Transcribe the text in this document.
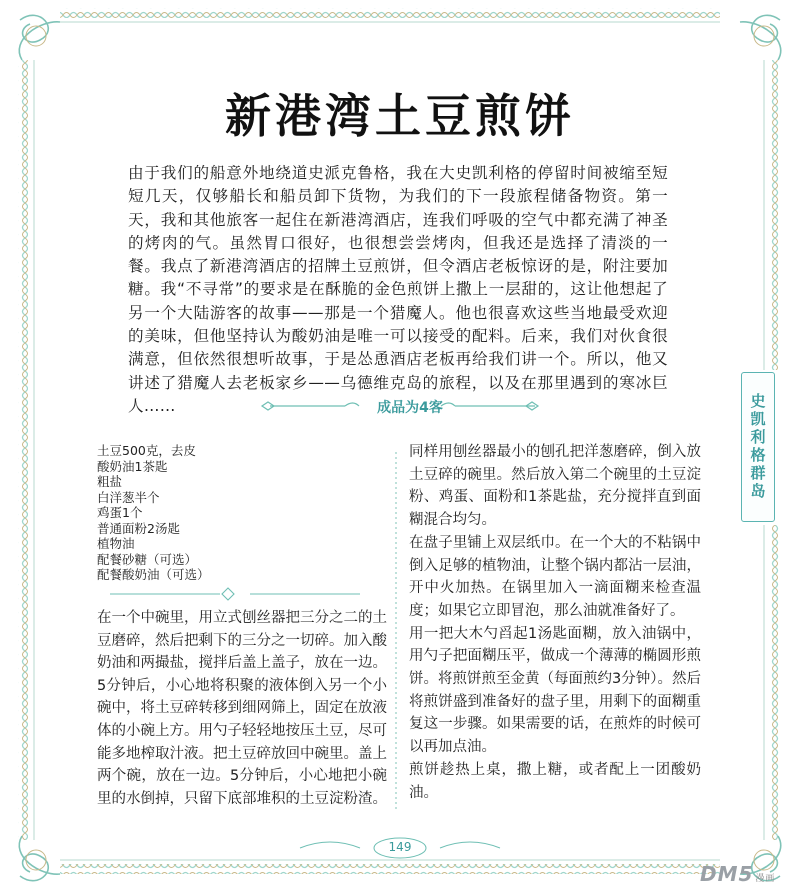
新港湾土豆煎饼
由于我们的船意外地绕道史派克鲁格，我在大史凯利格的停留时间被缩至短短几天，仅够船长和船员卸下货物，为我们的下一段旅程储备物资。第一天，我和其他旅客一起住在新港湾酒店，连我们呼吸的空气中都充满了神圣的烤肉的气。虽然胃口很好，也很想尝尝烤肉，但我还是选择了清淡的一餐。我点了新港湾酒店的招牌土豆煎饼，但令酒店老板惊讶的是，附注要加糖。我“不寻常”的要求是在酥脆的金色煎饼上撒上一层甜的，这让他想起了另一个大陆游客的故事——那是一个猎魔人。他也很喜欢这些当地最受欢迎的美味，但他坚持认为酸奶油是唯一可以接受的配料。后来，我们对伙食很满意，但依然很想听故事，于是怂恿酒店老板再给我们讲一个。所以，他又讲述了猎魔人去老板家乡——乌德维克岛的旅程，以及在那里遇到的寒冰巨人……	成品为4客
土豆500克，去皮
酸奶油1茶匙
粗盐
白洋葱半个
鸡蛋1个
普通面粉2汤匙
植物油
配餐砂糖（可选）
配餐酸奶油（可选）

在一个中碗里，用立式刨丝器把三分之二的土豆磨碎，然后把剩下的三分之一切碎。加入酸奶油和两撮盐，搅拌后盖上盖子，放在一边。5分钟后，小心地将积聚的液体倒入另一个小碗中，将土豆碎转移到细网筛上，固定在放液体的小碗上方。用勺子轻轻地按压土豆，尽可能多地榨取汁液。把土豆碎放回中碗里。盖上两个碗，放在一边。5分钟后，小心地把小碗里的水倒掉，只留下底部堆积的土豆淀粉渣。

同样用刨丝器最小的刨孔把洋葱磨碎，倒入放土豆碎的碗里。然后放入第二个碗里的土豆淀粉、鸡蛋、面粉和1茶匙盐，充分搅拌直到面糊混合均匀。

在盘子里铺上双层纸巾。在一个大的不粘锅中倒入足够的植物油，让整个锅内都沾一层油，开中火加热。在锅里加入一滴面糊来检查温度；如果它立即冒泡，那么油就准备好了。

用一把大木勺舀起1汤匙面糊，放入油锅中，用勺子把面糊压平，做成一个薄薄的椭圆形煎饼。将煎饼煎至金黄（每面煎约3分钟）。然后将煎饼盛到准备好的盘子里，用剩下的面糊重复这一步骤。如果需要的话，在煎炸的时候可以再加点油。

煎饼趁热上桌，撒上糖，或者配上一团酸奶油。

史凯利格群岛
149
DM5 漫画
